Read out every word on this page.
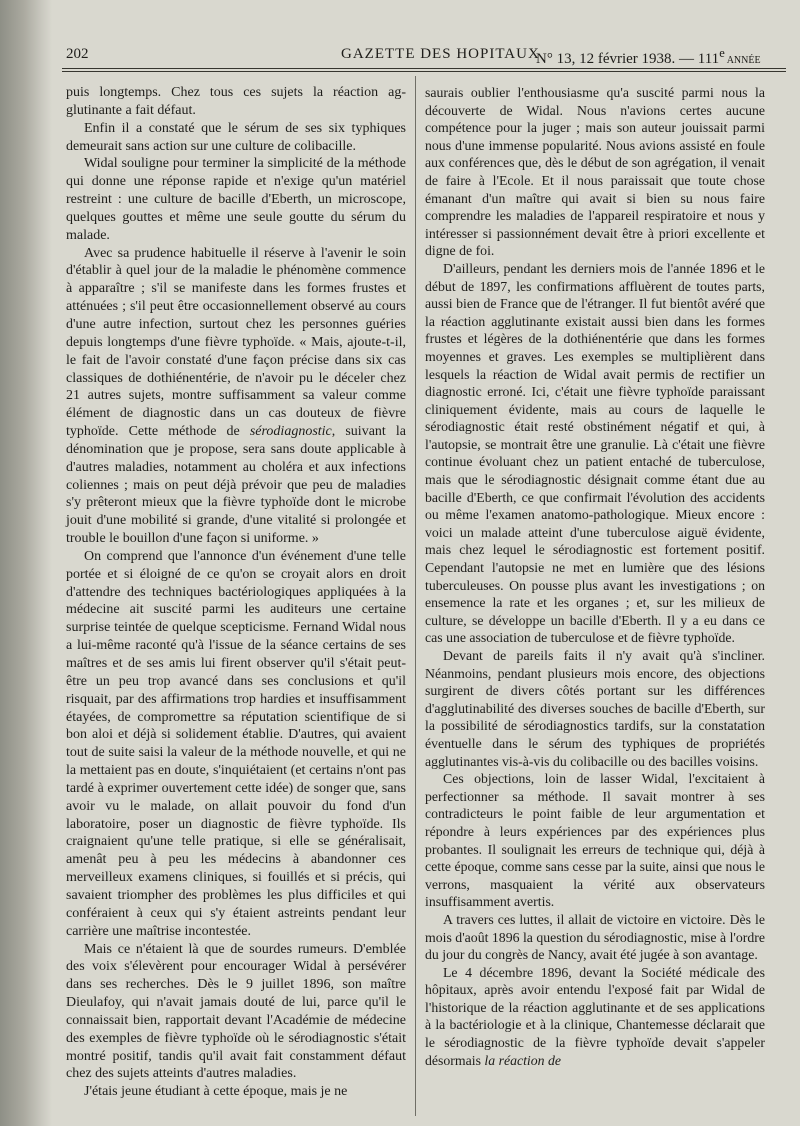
202	GAZETTE DES HOPITAUX
N° 13, 12 février 1938. — 111e ANNÉE

puis longtemps. Chez tous ces sujets la réaction ag-glutinante a fait défaut.

Enfin il a constaté que le sérum de ses six typhiques demeurait sans action sur une culture de colibacille.

Widal souligne pour terminer la simplicité de la méthode qui donne une réponse rapide et n'exige qu'un matériel restreint : une culture de bacille d'Eberth, un microscope, quelques gouttes et même une seule goutte du sérum du malade.

Avec sa prudence habituelle il réserve à l'avenir le soin d'établir à quel jour de la maladie le phénomène commence à apparaître ; s'il se manifeste dans les formes frustes et atténuées ; s'il peut être occasionnellement observé au cours d'une autre infection, surtout chez les personnes guéries depuis longtemps d'une fièvre typhoïde. « Mais, ajoute-t-il, le fait de l'avoir constaté d'une façon précise dans six cas classiques de dothiénentérie, de n'avoir pu le déceler chez 21 autres sujets, montre suffisamment sa valeur comme élément de diagnostic dans un cas douteux de fièvre typhoïde. Cette méthode de sérodiagnostic, suivant la dénomination que je propose, sera sans doute applicable à d'autres maladies, notamment au choléra et aux infections coliennes ; mais on peut déjà prévoir que peu de maladies s'y prêteront mieux que la fièvre typhoïde dont le microbe jouit d'une mobilité si grande, d'une vitalité si prolongée et trouble le bouillon d'une façon si uniforme. »

On comprend que l'annonce d'un événement d'une telle portée et si éloigné de ce qu'on se croyait alors en droit d'attendre des techniques bactériologiques appliquées à la médecine ait suscité parmi les auditeurs une certaine surprise teintée de quelque scepticisme. Fernand Widal nous a lui-même raconté qu'à l'issue de la séance certains de ses maîtres et de ses amis lui firent observer qu'il s'était peut-être un peu trop avancé dans ses conclusions et qu'il risquait, par des affirmations trop hardies et insuffisamment étayées, de compromettre sa réputation scientifique de si bon aloi et déjà si solidement établie. D'autres, qui avaient tout de suite saisi la valeur de la méthode nouvelle, et qui ne la mettaient pas en doute, s'inquiétaient (et certains n'ont pas tardé à exprimer ouvertement cette idée) de songer que, sans avoir vu le malade, on allait pouvoir du fond d'un laboratoire, poser un diagnostic de fièvre typhoïde. Ils craignaient qu'une telle pratique, si elle se généralisait, amenât peu à peu les médecins à abandonner ces merveilleux examens cliniques, si fouillés et si précis, qui savaient triompher des problèmes les plus difficiles et qui conféraient à ceux qui s'y étaient astreints pendant leur carrière une maîtrise incontestée.

Mais ce n'étaient là que de sourdes rumeurs. D'emblée des voix s'élevèrent pour encourager Widal à persévérer dans ses recherches. Dès le 9 juillet 1896, son maître Dieulafoy, qui n'avait jamais douté de lui, parce qu'il le connaissait bien, rapportait devant l'Académie de médecine des exemples de fièvre typhoïde où le sérodiagnostic s'était montré positif, tandis qu'il avait fait constamment défaut chez des sujets atteints d'autres maladies.

J'étais jeune étudiant à cette époque, mais je ne

saurais oublier l'enthousiasme qu'a suscité parmi nous la découverte de Widal. Nous n'avions certes aucune compétence pour la juger ; mais son auteur jouissait parmi nous d'une immense popularité. Nous avions assisté en foule aux conférences que, dès le début de son agrégation, il venait de faire à l'Ecole. Et il nous paraissait que toute chose émanant d'un maître qui avait si bien su nous faire comprendre les maladies de l'appareil respiratoire et nous y intéresser si passionnément devait être à priori excellente et digne de foi.

D'ailleurs, pendant les derniers mois de l'année 1896 et le début de 1897, les confirmations affluèrent de toutes parts, aussi bien de France que de l'étranger. Il fut bientôt avéré que la réaction agglutinante existait aussi bien dans les formes frustes et légères de la dothiénentérie que dans les formes moyennes et graves. Les exemples se multiplièrent dans lesquels la réaction de Widal avait permis de rectifier un diagnostic erroné. Ici, c'était une fièvre typhoïde paraissant cliniquement évidente, mais au cours de laquelle le sérodiagnostic était resté obstinément négatif et qui, à l'autopsie, se montrait être une granulie. Là c'était une fièvre continue évoluant chez un patient entaché de tuberculose, mais que le sérodiagnostic désignait comme étant due au bacille d'Eberth, ce que confirmait l'évolution des accidents ou même l'examen anatomo-pathologique. Mieux encore : voici un malade atteint d'une tuberculose aiguë évidente, mais chez lequel le sérodiagnostic est fortement positif. Cependant l'autopsie ne met en lumière que des lésions tuberculeuses. On pousse plus avant les investigations ; on ensemence la rate et les organes ; et, sur les milieux de culture, se développe un bacille d'Eberth. Il y a eu dans ce cas une association de tuberculose et de fièvre typhoïde.

Devant de pareils faits il n'y avait qu'à s'incliner. Néanmoins, pendant plusieurs mois encore, des objections surgirent de divers côtés portant sur les différences d'agglutinabilité des diverses souches de bacille d'Eberth, sur la possibilité de sérodiagnostics tardifs, sur la constatation éventuelle dans le sérum des typhiques de propriétés agglutinantes vis-à-vis du colibacille ou des bacilles voisins.

Ces objections, loin de lasser Widal, l'excitaient à perfectionner sa méthode. Il savait montrer à ses contradicteurs le point faible de leur argumentation et répondre à leurs expériences par des expériences plus probantes. Il soulignait les erreurs de technique qui, déjà à cette époque, comme sans cesse par la suite, ainsi que nous le verrons, masquaient la vérité aux observateurs insuffisamment avertis.

A travers ces luttes, il allait de victoire en victoire. Dès le mois d'août 1896 la question du sérodiagnostic, mise à l'ordre du jour du congrès de Nancy, avait été jugée à son avantage.

Le 4 décembre 1896, devant la Société médicale des hôpitaux, après avoir entendu l'exposé fait par Widal de l'historique de la réaction agglutinante et de ses applications à la bactériologie et à la clinique, Chantemesse déclarait que le sérodiagnostic de la fièvre typhoïde devait s'appeler désormais la réaction de
